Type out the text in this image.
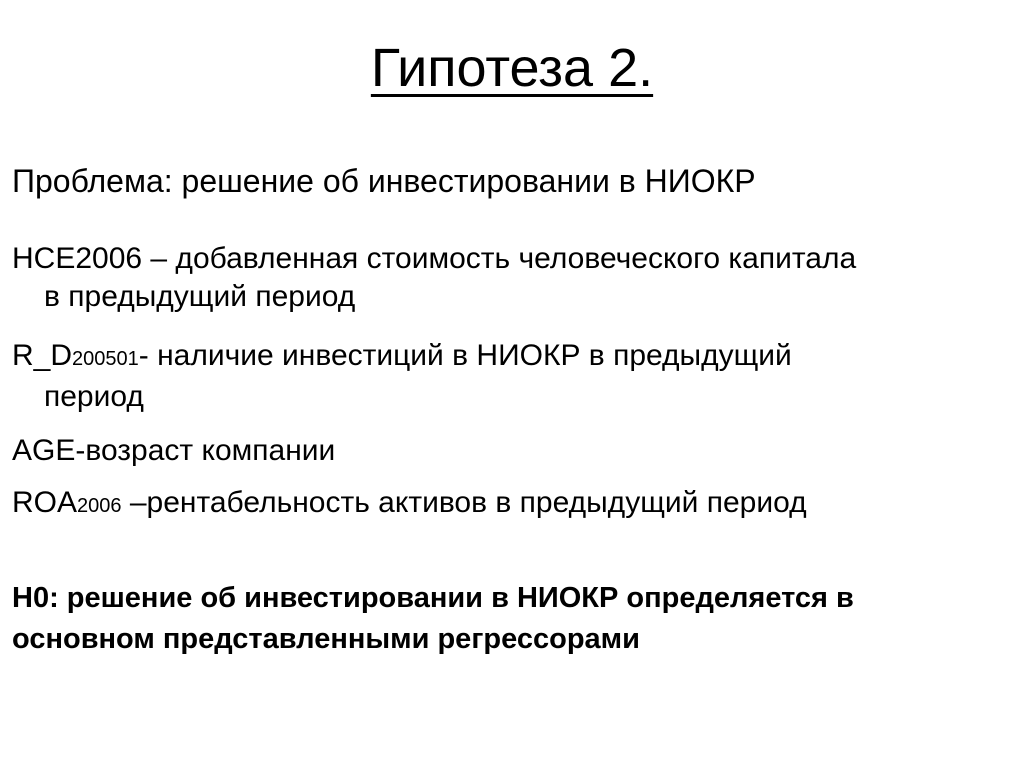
Гипотеза 2.
Проблема: решение об инвестировании в НИОКР
HCE2006 – добавленная стоимость человеческого капитала
в предыдущий период
R_D200501- наличие инвестиций в НИОКР в предыдущий
период
AGE-возраст компании
ROA2006 –рентабельность активов в предыдущий период
H0: решение об инвестировании в НИОКР определяется в
основном представленными регрессорами
